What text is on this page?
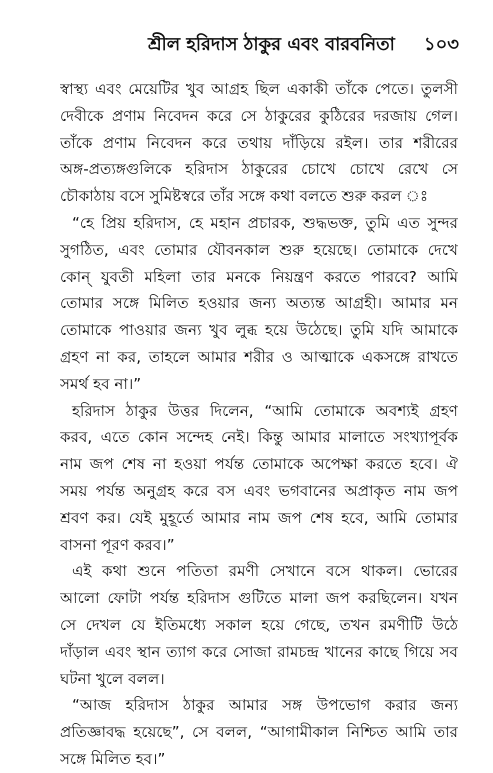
শ্রীল হরিদাস ঠাকুর এবং বারবনিতা ১০৩
স্বাস্থ্য এবং মেয়েটির খুব আগ্রহ ছিল একাকী তাঁকে পেতে। তুলসী
দেবীকে প্রণাম নিবেদন করে সে ঠাকুরের কুঠিরের দরজায় গেল।
তাঁকে প্রণাম নিবেদন করে তথায় দাঁড়িয়ে রইল। তার শরীরের
অঙ্গ-প্রত্যঙ্গগুলিকে হরিদাস ঠাকুরের চোখে চোখে রেখে সে
চৌকাঠায় বসে সুমিষ্টস্বরে তাঁর সঙ্গে কথা বলতে শুরু করল ঃ
“হে প্রিয় হরিদাস, হে মহান প্রচারক, শুদ্ধভক্ত, তুমি এত সুন্দর
সুগঠিত, এবং তোমার যৌবনকাল শুরু হয়েছে। তোমাকে দেখে
কোন্ যুবতী মহিলা তার মনকে নিয়ন্ত্রণ করতে পারবে? আমি
তোমার সঙ্গে মিলিত হওয়ার জন্য অত্যন্ত আগ্রহী। আমার মন
তোমাকে পাওয়ার জন্য খুব লুব্ধ হয়ে উঠেছে। তুমি যদি আমাকে
গ্রহণ না কর, তাহলে আমার শরীর ও আত্মাকে একসঙ্গে রাখতে
সমর্থ হব না।”
হরিদাস ঠাকুর উত্তর দিলেন, “আমি তোমাকে অবশ্যই গ্রহণ
করব, এতে কোন সন্দেহ নেই। কিন্তু আমার মালাতে সংখ্যাপূর্বক
নাম জপ শেষ না হওয়া পর্যন্ত তোমাকে অপেক্ষা করতে হবে। ঐ
সময় পর্যন্ত অনুগ্রহ করে বস এবং ভগবানের অপ্রাকৃত নাম জপ
শ্রবণ কর। যেই মুহূর্তে আমার নাম জপ শেষ হবে, আমি তোমার
বাসনা পূরণ করব।”
এই কথা শুনে পতিতা রমণী সেখানে বসে থাকল। ভোরের
আলো ফোটা পর্যন্ত হরিদাস গুটিতে মালা জপ করছিলেন। যখন
সে দেখল যে ইতিমধ্যে সকাল হয়ে গেছে, তখন রমণীটি উঠে
দাঁড়াল এবং স্থান ত্যাগ করে সোজা রামচন্দ্র খানের কাছে গিয়ে সব
ঘটনা খুলে বলল।
“আজ হরিদাস ঠাকুর আমার সঙ্গ উপভোগ করার জন্য
প্রতিজ্ঞাবদ্ধ হয়েছে”, সে বলল, “আগামীকাল নিশ্চিত আমি তার
সঙ্গে মিলিত হব।”
